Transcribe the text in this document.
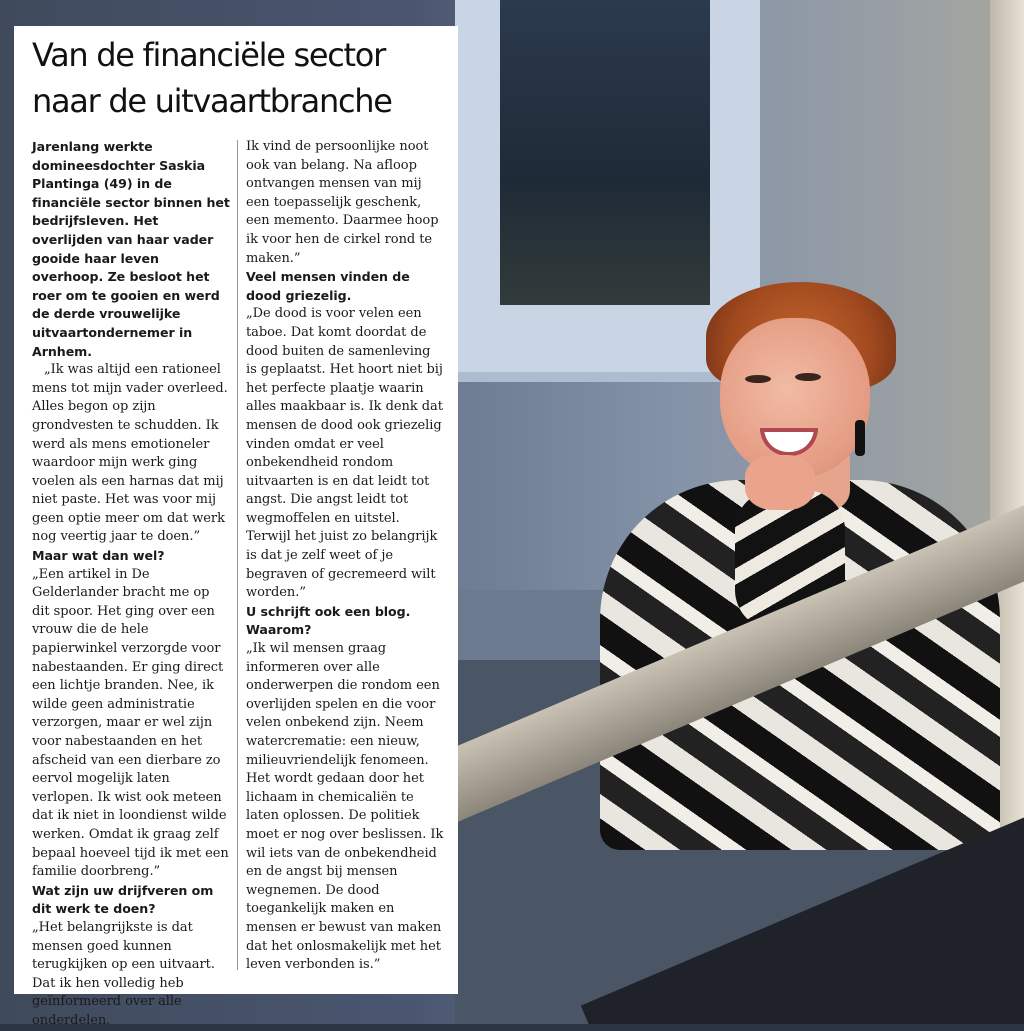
Van de financiële sector naar de uitvaartbranche

Jarenlang werkte domineesdochter Saskia Plantinga (49) in de financiële sector binnen het bedrijfsleven. Het overlijden van haar vader gooide haar leven overhoop. Ze besloot het roer om te gooien en werd de derde vrouwelijke uitvaartondernemer in Arnhem.

„Ik was altijd een rationeel mens tot mijn vader overleed. Alles begon op zijn grondvesten te schudden. Ik werd als mens emotioneler waardoor mijn werk ging voelen als een harnas dat mij niet paste. Het was voor mij geen optie meer om dat werk nog veertig jaar te doen.”

Maar wat dan wel?

„Een artikel in De Gelderlander bracht me op dit spoor. Het ging over een vrouw die de hele papierwinkel verzorgde voor nabestaanden. Er ging direct een lichtje branden. Nee, ik wilde geen administratie verzorgen, maar er wel zijn voor nabestaanden en het afscheid van een dierbare zo eervol mogelijk laten verlopen. Ik wist ook meteen dat ik niet in loondienst wilde werken. Omdat ik graag zelf bepaal hoeveel tijd ik met een familie doorbreng.”

Wat zijn uw drijfveren om dit werk te doen?

„Het belangrijkste is dat mensen goed kunnen terugkijken op een uitvaart. Dat ik hen volledig heb geïnformeerd over alle onderdelen.

Ik vind de persoonlijke noot ook van belang. Na afloop ontvangen mensen van mij een toepasselijk geschenk, een memento. Daarmee hoop ik voor hen de cirkel rond te maken.”

Veel mensen vinden de dood griezelig.

„De dood is voor velen een taboe. Dat komt doordat de dood buiten de samenleving is geplaatst. Het hoort niet bij het perfecte plaatje waarin alles maakbaar is. Ik denk dat mensen de dood ook griezelig vinden omdat er veel onbekendheid rondom uitvaarten is en dat leidt tot angst. Die angst leidt tot wegmoffelen en uitstel. Terwijl het juist zo belangrijk is dat je zelf weet of je begraven of gecremeerd wilt worden.”

U schrijft ook een blog. Waarom?

„Ik wil mensen graag informeren over alle onderwerpen die rondom een overlijden spelen en die voor velen onbekend zijn. Neem watercrematie: een nieuw, milieuvriendelijk fenomeen. Het wordt gedaan door het lichaam in chemicaliën te laten oplossen. De politiek moet er nog over beslissen. Ik wil iets van de onbekendheid en de angst bij mensen wegnemen. De dood toegankelijk maken en mensen er bewust van maken dat het onlosmakelijk met het leven verbonden is.”
